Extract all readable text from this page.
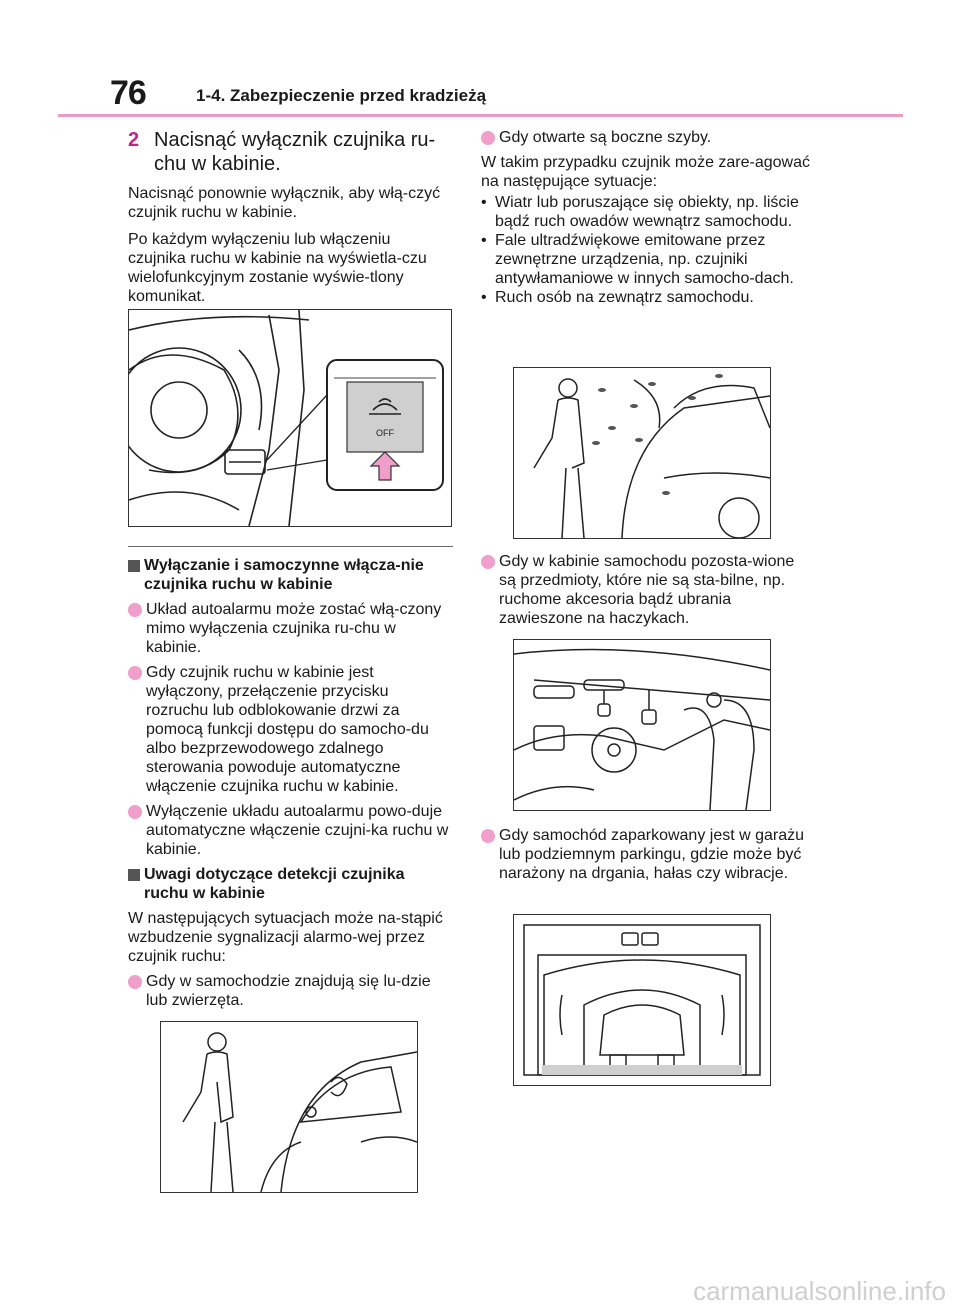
76	1-4. Zabezpieczenie przed kradzieżą
2 Nacisnąć wyłącznik czujnika ru-chu w kabinie.

Nacisnąć ponownie wyłącznik, aby włą-czyć czujnik ruchu w kabinie.

Po każdym wyłączeniu lub włączeniu czujnika ruchu w kabinie na wyświetla-czu wielofunkcyjnym zostanie wyświe-tlony komunikat.

OFF
Wyłączanie i samoczynne włącza-nie czujnika ruchu w kabinie
Układ autoalarmu może zostać włą-czony mimo wyłączenia czujnika ru-chu w kabinie.
Gdy czujnik ruchu w kabinie jest wyłączony, przełączenie przycisku rozruchu lub odblokowanie drzwi za pomocą funkcji dostępu do samocho-du albo bezprzewodowego zdalnego sterowania powoduje automatyczne włączenie czujnika ruchu w kabinie.
Wyłączenie układu autoalarmu powo-duje automatyczne włączenie czujni-ka ruchu w kabinie.
Uwagi dotyczące detekcji czujnika ruchu w kabinie

W następujących sytuacjach może na-stąpić wzbudzenie sygnalizacji alarmo-wej przez czujnik ruchu:

Gdy w samochodzie znajdują się lu-dzie lub zwierzęta.
Gdy otwarte są boczne szyby.

W takim przypadku czujnik może zare-agować na następujące sytuacje:

• Wiatr lub poruszające się obiekty, np. liście bądź ruch owadów wewnątrz samochodu.
• Fale ultradźwiękowe emitowane przez zewnętrzne urządzenia, np. czujniki antywłamaniowe w innych samocho-dach.
• Ruch osób na zewnątrz samochodu.
Gdy w kabinie samochodu pozosta-wione są przedmioty, które nie są sta-bilne, np. ruchome akcesoria bądź ubrania zawieszone na haczykach.
Gdy samochód zaparkowany jest w garażu lub podziemnym parkingu, gdzie może być narażony na drgania, hałas czy wibracje.
carmanualsonline.info
